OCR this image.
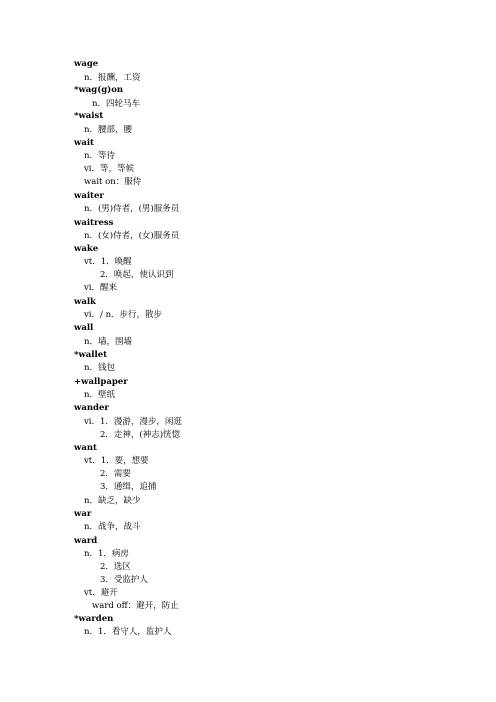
wage
n．报酬，工资
*wag(g)on
n．四轮马车
*waist
n．腰部，腰
wait
n．等待
vi．等，等候
wait on：服侍
waiter
n．(男)侍者，(男)服务员
waitress
n．(女)侍者，(女)服务员
wake
vt．1．唤醒
2．唤起，使认识到
vi．醒来
walk
vi．/ n．步行，散步
wall
n．墙，围墙
*wallet
n．钱包
+wallpaper
n．壁纸
wander
vi．1．漫游，漫步，闲逛
2．走神，(神志)恍惚
want
vt．1．要，想要
2．需要
3．通缉，追捕
n．缺乏，缺少
war
n．战争，战斗
ward
n．1．病房
2．选区
3．受监护人
vt．避开
ward off：避开，防止
*warden
n．1．看守人，监护人
